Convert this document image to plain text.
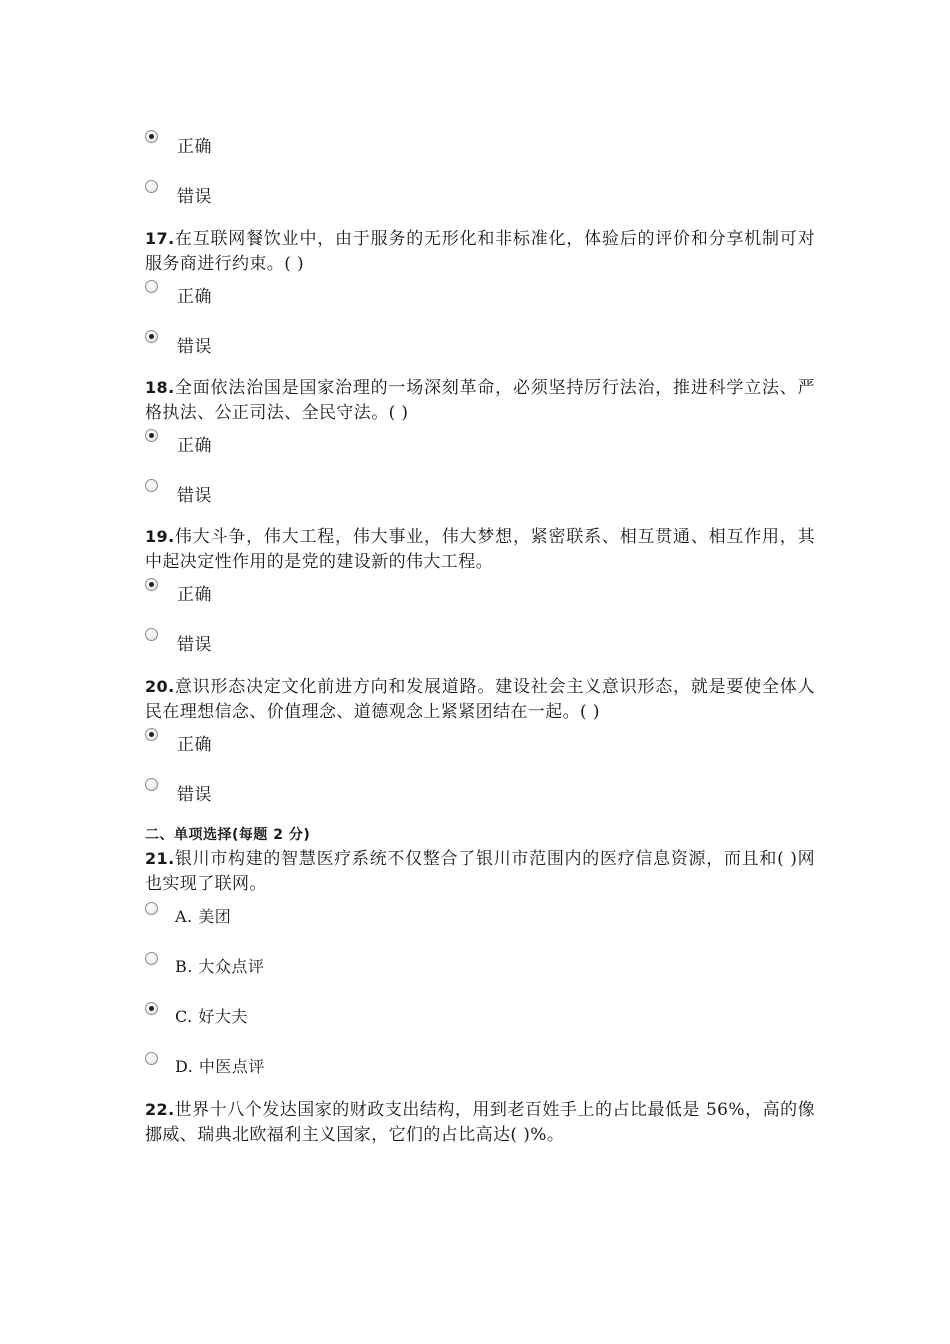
正确
错误
17.在互联网餐饮业中，由于服务的无形化和非标准化，体验后的评价和分享机制可对服务商进行约束。( )
正确
错误
18.全面依法治国是国家治理的一场深刻革命，必须坚持厉行法治，推进科学立法、严格执法、公正司法、全民守法。( )
正确
错误
19.伟大斗争，伟大工程，伟大事业，伟大梦想，紧密联系、相互贯通、相互作用，其中起决定性作用的是党的建设新的伟大工程。
正确
错误
20.意识形态决定文化前进方向和发展道路。建设社会主义意识形态，就是要使全体人民在理想信念、价值理念、道德观念上紧紧团结在一起。( )
正确
错误
二、单项选择(每题 2 分)
21.银川市构建的智慧医疗系统不仅整合了银川市范围内的医疗信息资源，而且和( )网也实现了联网。
A. 美团
B. 大众点评
C. 好大夫
D. 中医点评
22.世界十八个发达国家的财政支出结构，用到老百姓手上的占比最低是 56%，高的像挪威、瑞典北欧福利主义国家，它们的占比高达( )%。
